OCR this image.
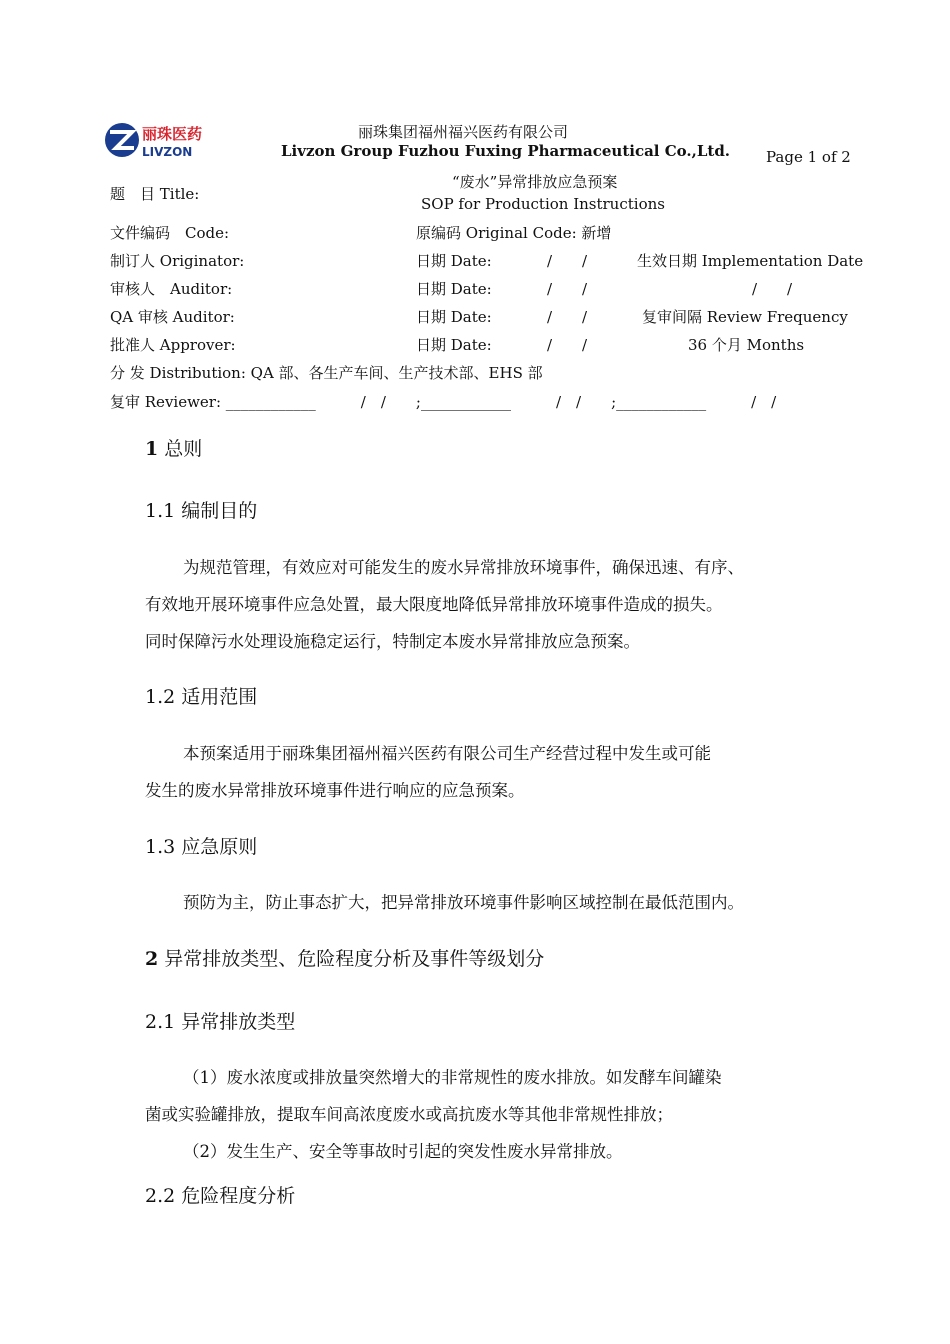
丽珠医药
LIVZON
丽珠集团福州福兴医药有限公司
Livzon Group Fuzhou Fuxing Pharmaceutical Co.,Ltd. Page 1 of 2
题　目 Title:
“废水”异常排放应急预案
SOP for Production Instructions
文件编码　Code:	原编码 Original Code: 新增
制订人 Originator:	日期 Date:	/　　/	生效日期 Implementation Date
审核人　Auditor:	日期 Date:	/　　/	/　　/
QA 审核 Auditor:	日期 Date:	/　　/	复审间隔 Review Frequency
批准人 Approver:	日期 Date:	/　　/	36 个月 Months
分 发 Distribution: QA 部、各生产车间、生产技术部、EHS 部
复审 Reviewer: ____________　　　/　/　　;____________　　　/　/　　;____________　　　/　/
1 总则
1.1 编制目的
为规范管理，有效应对可能发生的废水异常排放环境事件，确保迅速、有序、
有效地开展环境事件应急处置，最大限度地降低异常排放环境事件造成的损失。
同时保障污水处理设施稳定运行，特制定本废水异常排放应急预案。
1.2 适用范围
本预案适用于丽珠集团福州福兴医药有限公司生产经营过程中发生或可能
发生的废水异常排放环境事件进行响应的应急预案。
1.3 应急原则
预防为主，防止事态扩大，把异常排放环境事件影响区域控制在最低范围内。
2 异常排放类型、危险程度分析及事件等级划分
2.1 异常排放类型
（1）废水浓度或排放量突然增大的非常规性的废水排放。如发酵车间罐染
菌或实验罐排放，提取车间高浓度废水或高抗废水等其他非常规性排放；
（2）发生生产、安全等事故时引起的突发性废水异常排放。
2.2 危险程度分析
